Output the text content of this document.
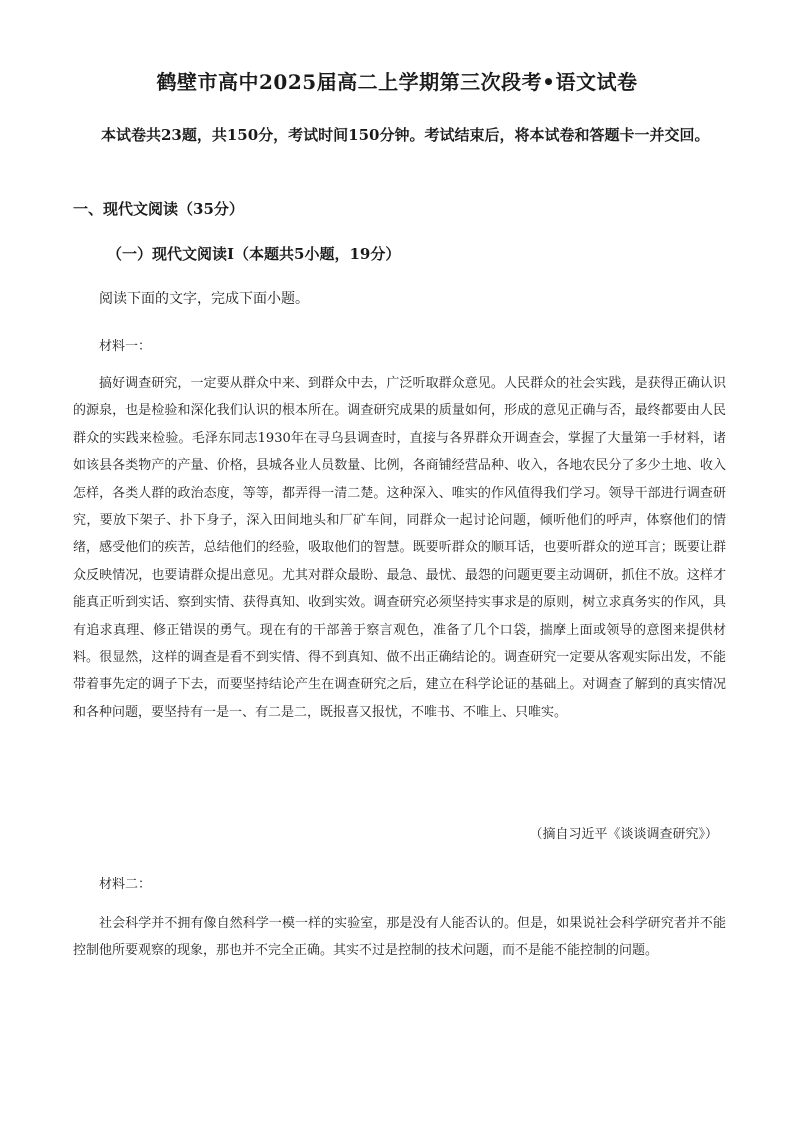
鹤壁市高中2025届高二上学期第三次段考•语文试卷
本试卷共23题，共150分，考试时间150分钟。考试结束后，将本试卷和答题卡一并交回。
一、现代文阅读（35分）
（一）现代文阅读Ⅰ（本题共5小题，19分）
阅读下面的文字，完成下面小题。
材料一：
搞好调查研究，一定要从群众中来、到群众中去，广泛听取群众意见。人民群众的社会实践，是获得正确认识的源泉，也是检验和深化我们认识的根本所在。调查研究成果的质量如何，形成的意见正确与否，最终都要由人民群众的实践来检验。毛泽东同志1930年在寻乌县调查时，直接与各界群众开调查会，掌握了大量第一手材料，诸如该县各类物产的产量、价格，县城各业人员数量、比例，各商铺经营品种、收入，各地农民分了多少土地、收入怎样，各类人群的政治态度，等等，都弄得一清二楚。这种深入、唯实的作风值得我们学习。领导干部进行调查研究，要放下架子、扑下身子，深入田间地头和厂矿车间，同群众一起讨论问题，倾听他们的呼声，体察他们的情绪，感受他们的疾苦，总结他们的经验，吸取他们的智慧。既要听群众的顺耳话，也要听群众的逆耳言；既要让群众反映情况，也要请群众提出意见。尤其对群众最盼、最急、最忧、最怨的问题更要主动调研，抓住不放。这样才能真正听到实话、察到实情、获得真知、收到实效。调查研究必须坚持实事求是的原则，树立求真务实的作风，具有追求真理、修正错误的勇气。现在有的干部善于察言观色，准备了几个口袋，揣摩上面或领导的意图来提供材料。很显然，这样的调查是看不到实情、得不到真知、做不出正确结论的。调查研究一定要从客观实际出发，不能带着事先定的调子下去，而要坚持结论产生在调查研究之后，建立在科学论证的基础上。对调查了解到的真实情况和各种问题，要坚持有一是一、有二是二，既报喜又报忧，不唯书、不唯上、只唯实。
（摘自习近平《谈谈调查研究》）
材料二：
社会科学并不拥有像自然科学一模一样的实验室，那是没有人能否认的。但是，如果说社会科学研究者并不能控制他所要观察的现象，那也并不完全正确。其实不过是控制的技术问题，而不是能不能控制的问题。
